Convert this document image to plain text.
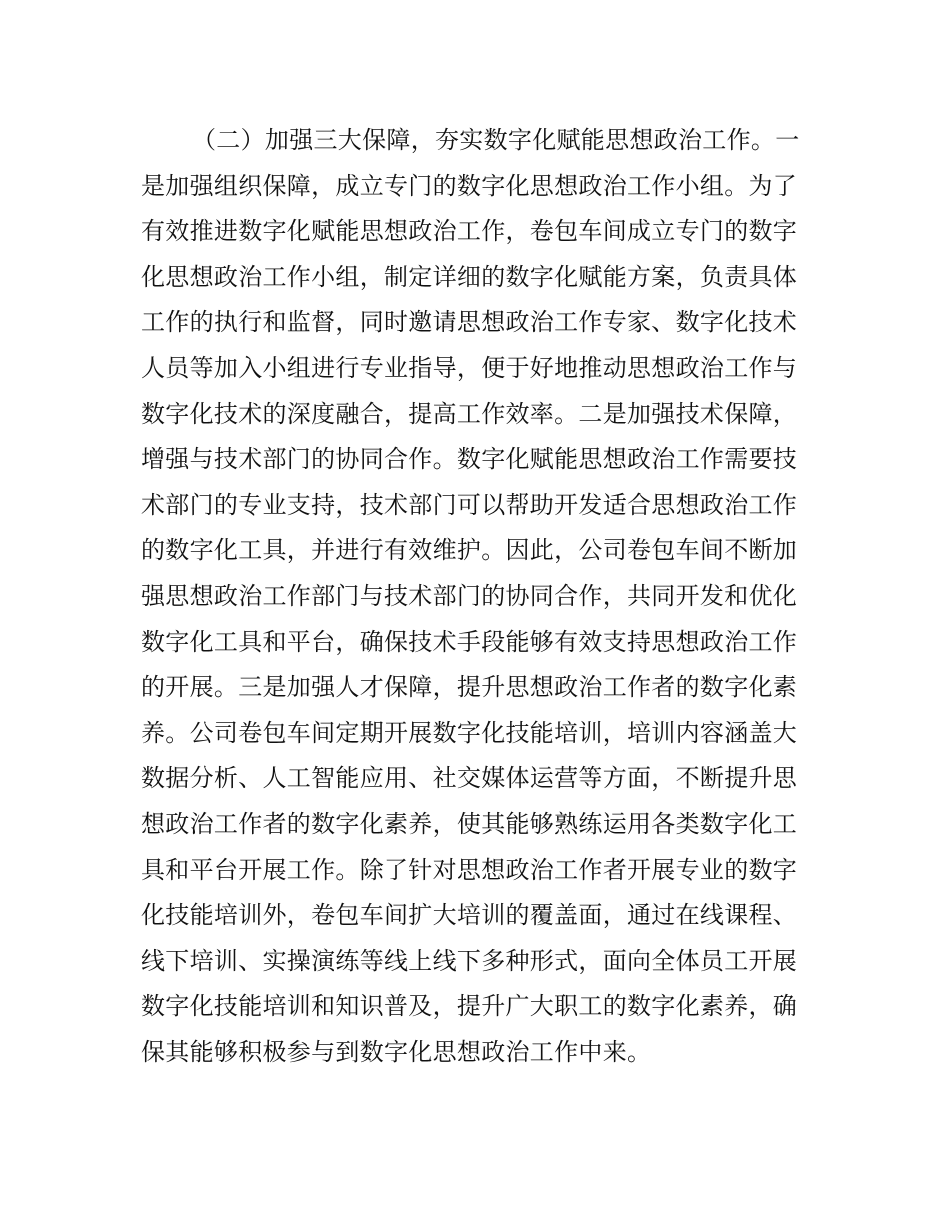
（二）加强三大保障，夯实数字化赋能思想政治工作。一
是加强组织保障，成立专门的数字化思想政治工作小组。为了
有效推进数字化赋能思想政治工作，卷包车间成立专门的数字
化思想政治工作小组，制定详细的数字化赋能方案，负责具体
工作的执行和监督，同时邀请思想政治工作专家、数字化技术
人员等加入小组进行专业指导，便于好地推动思想政治工作与
数字化技术的深度融合，提高工作效率。二是加强技术保障，
增强与技术部门的协同合作。数字化赋能思想政治工作需要技
术部门的专业支持，技术部门可以帮助开发适合思想政治工作
的数字化工具，并进行有效维护。因此，公司卷包车间不断加
强思想政治工作部门与技术部门的协同合作，共同开发和优化
数字化工具和平台，确保技术手段能够有效支持思想政治工作
的开展。三是加强人才保障，提升思想政治工作者的数字化素
养。公司卷包车间定期开展数字化技能培训，培训内容涵盖大
数据分析、人工智能应用、社交媒体运营等方面，不断提升思
想政治工作者的数字化素养，使其能够熟练运用各类数字化工
具和平台开展工作。除了针对思想政治工作者开展专业的数字
化技能培训外，卷包车间扩大培训的覆盖面，通过在线课程、
线下培训、实操演练等线上线下多种形式，面向全体员工开展
数字化技能培训和知识普及，提升广大职工的数字化素养，确
保其能够积极参与到数字化思想政治工作中来。
